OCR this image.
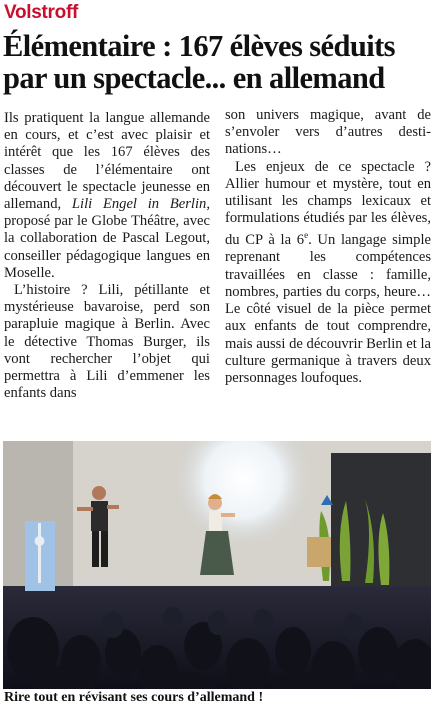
Volstroff
Élémentaire : 167 élèves séduits par un spectacle... en allemand

Ils pratiquent la langue allemande en cours, et c’est avec plaisir et intérêt que les 167 élèves des classes de l’élémentaire ont découvert le spectacle jeunesse en allemand, Lili Engel in Berlin, proposé par le Globe Théâtre, avec la collaboration de Pascal Legout, conseiller pédagogique langues en Moselle.

L’histoire ? Lili, pétillante et mystérieuse bavaroise, perd son parapluie magique à Berlin. Avec le détective Thomas Burger, ils vont rechercher l’objet qui permettra à Lili d’emmener les enfants dans

son univers magique, avant de s’envoler vers d’autres destinations…

Les enjeux de ce spectacle ? Allier humour et mystère, tout en utilisant les champs lexicaux et formulations étudiés par les élèves, du CP à la 6e. Un langage simple reprenant les compétences travaillées en classe : famille, nombres, parties du corps, heure… Le côté visuel de la pièce permet aux enfants de tout comprendre, mais aussi de découvrir Berlin et la culture germanique à travers deux personnages loufoques.

Rire tout en révisant ses cours d’allemand !
